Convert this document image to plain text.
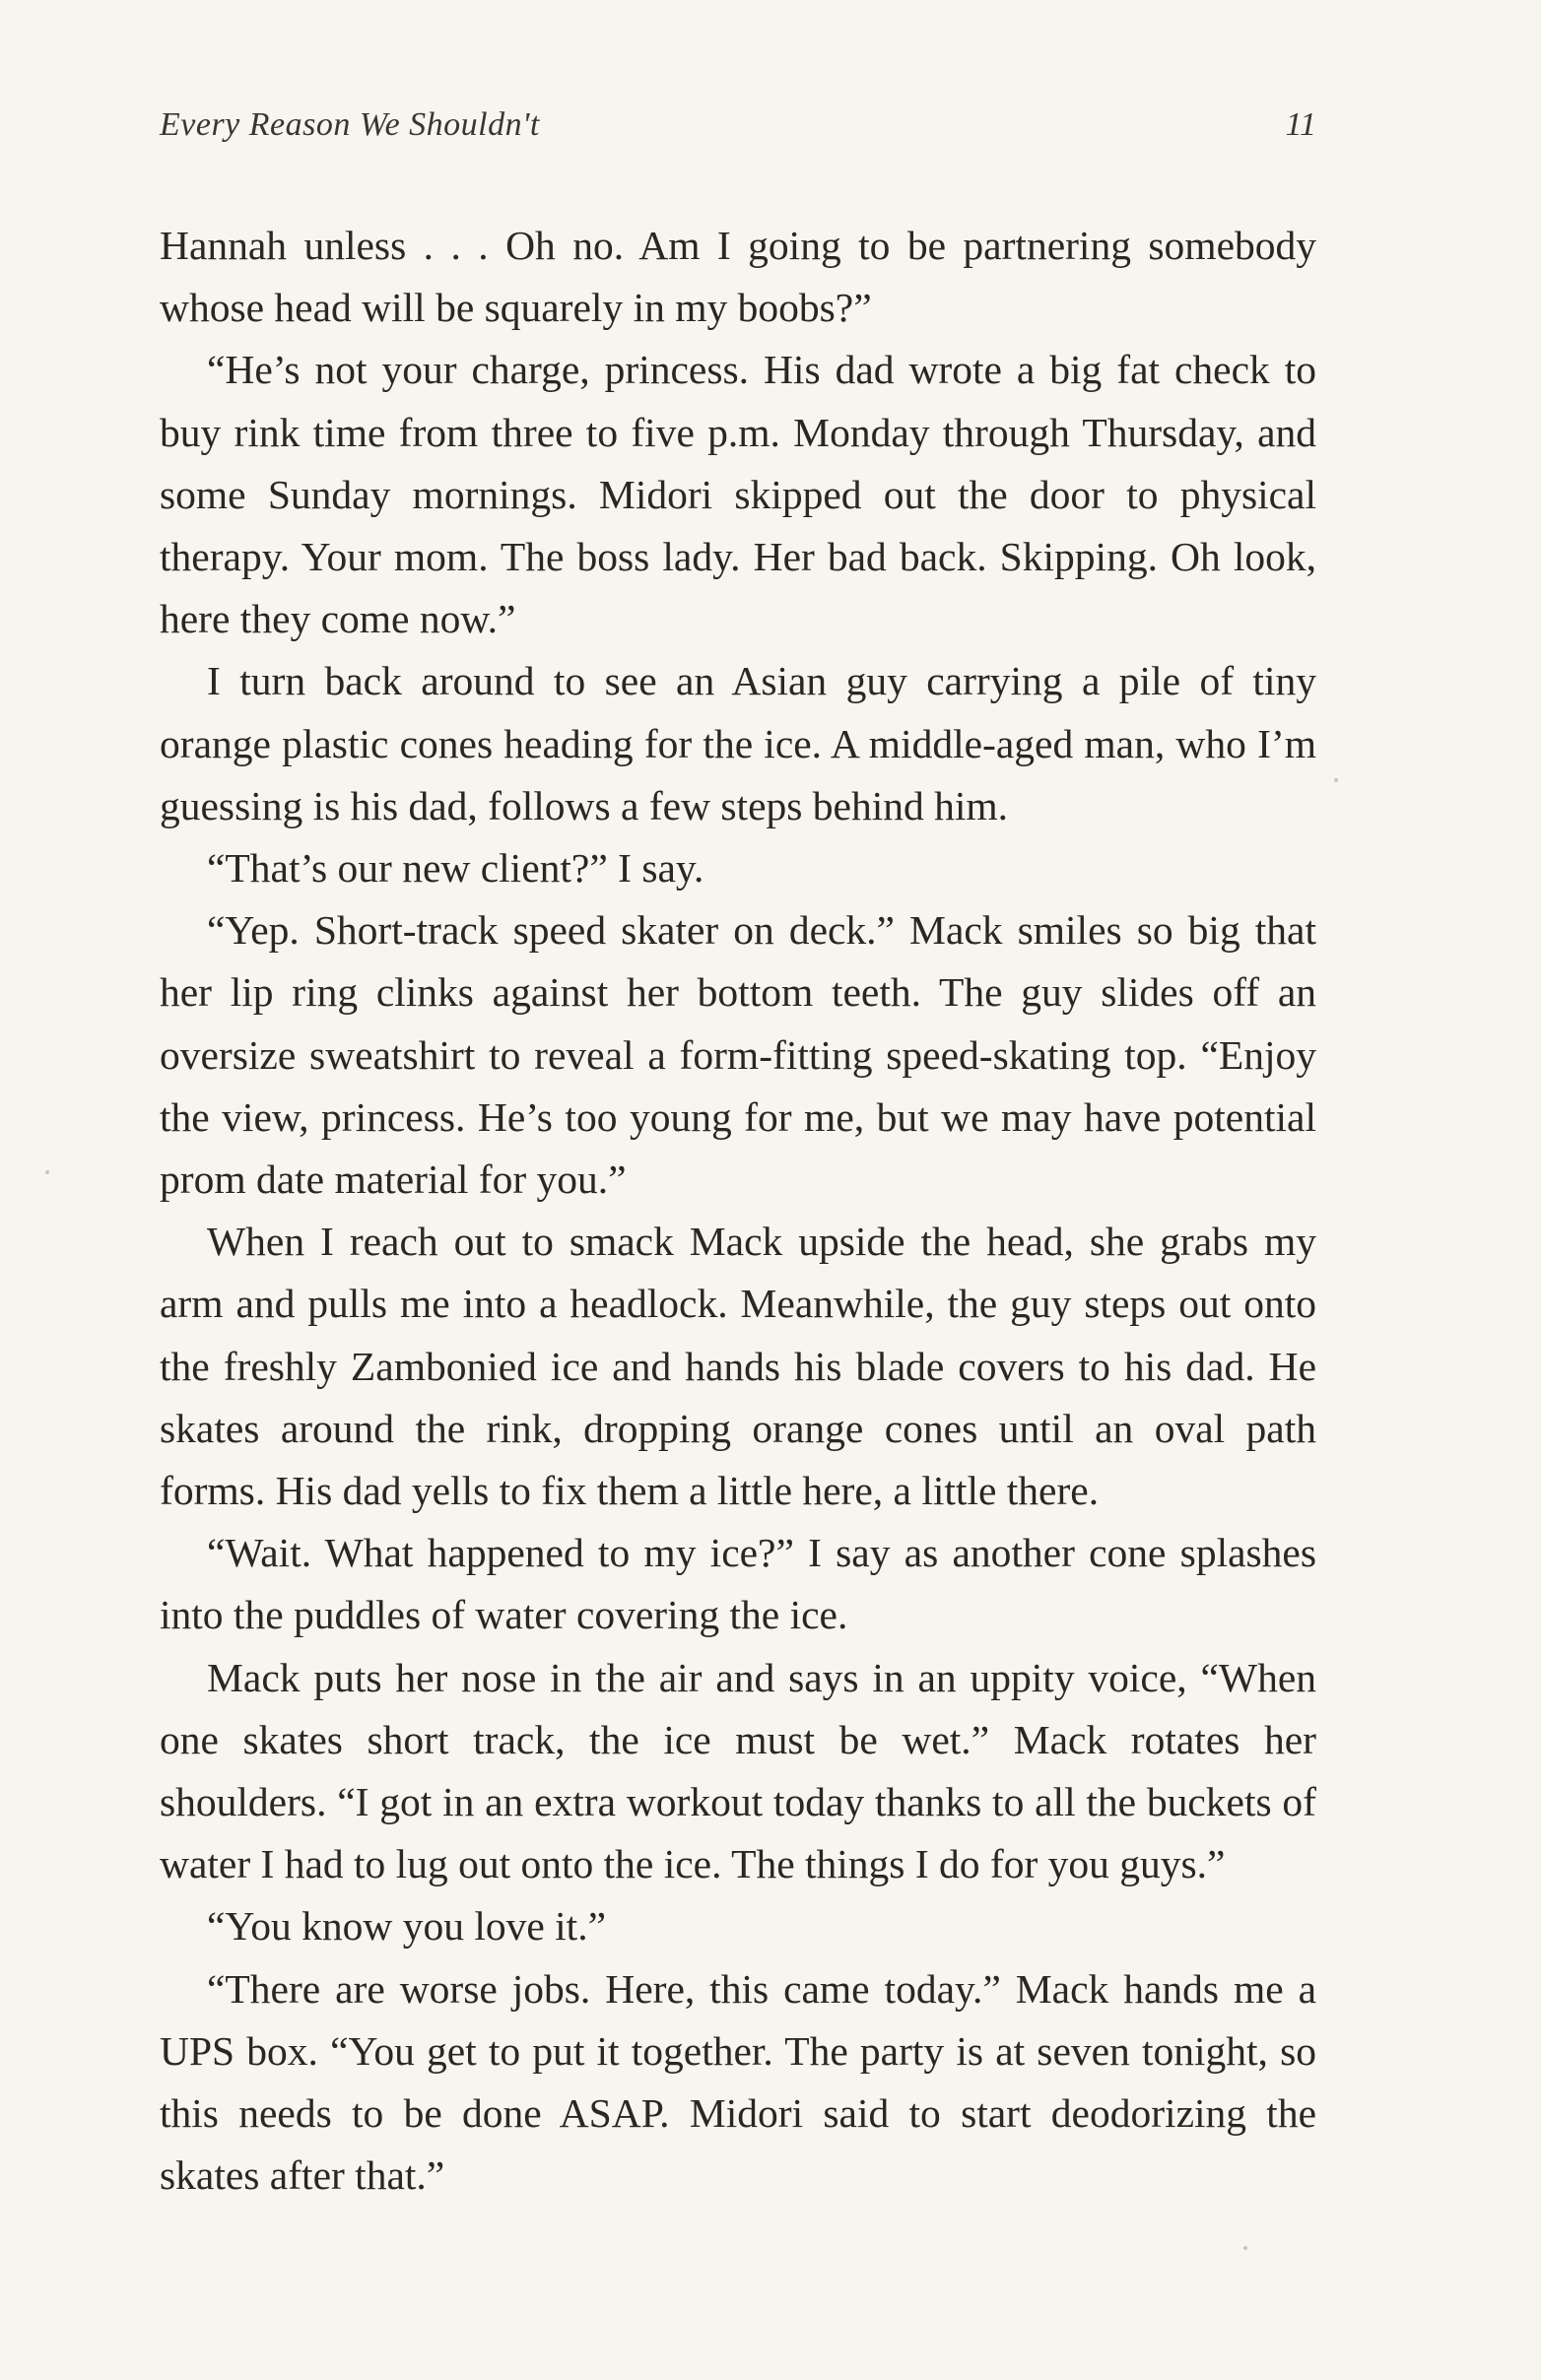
Every Reason We Shouldn't	11

Hannah unless . . . Oh no. Am I going to be partnering somebody whose head will be squarely in my boobs?”

“He’s not your charge, princess. His dad wrote a big fat check to buy rink time from three to five p.m. Monday through Thursday, and some Sunday mornings. Midori skipped out the door to physical therapy. Your mom. The boss lady. Her bad back. Skipping. Oh look, here they come now.”

I turn back around to see an Asian guy carrying a pile of tiny orange plastic cones heading for the ice. A middle-aged man, who I’m guessing is his dad, follows a few steps behind him.

“That’s our new client?” I say.

“Yep. Short-track speed skater on deck.” Mack smiles so big that her lip ring clinks against her bottom teeth. The guy slides off an oversize sweatshirt to reveal a form-fitting speed-skating top. “Enjoy the view, princess. He’s too young for me, but we may have potential prom date material for you.”

When I reach out to smack Mack upside the head, she grabs my arm and pulls me into a headlock. Meanwhile, the guy steps out onto the freshly Zambonied ice and hands his blade covers to his dad. He skates around the rink, dropping orange cones until an oval path forms. His dad yells to fix them a little here, a little there.

“Wait. What happened to my ice?” I say as another cone splashes into the puddles of water covering the ice.

Mack puts her nose in the air and says in an uppity voice, “When one skates short track, the ice must be wet.” Mack rotates her shoulders. “I got in an extra workout today thanks to all the buckets of water I had to lug out onto the ice. The things I do for you guys.”

“You know you love it.”

“There are worse jobs. Here, this came today.” Mack hands me a UPS box. “You get to put it together. The party is at seven tonight, so this needs to be done ASAP. Midori said to start deodorizing the skates after that.”
